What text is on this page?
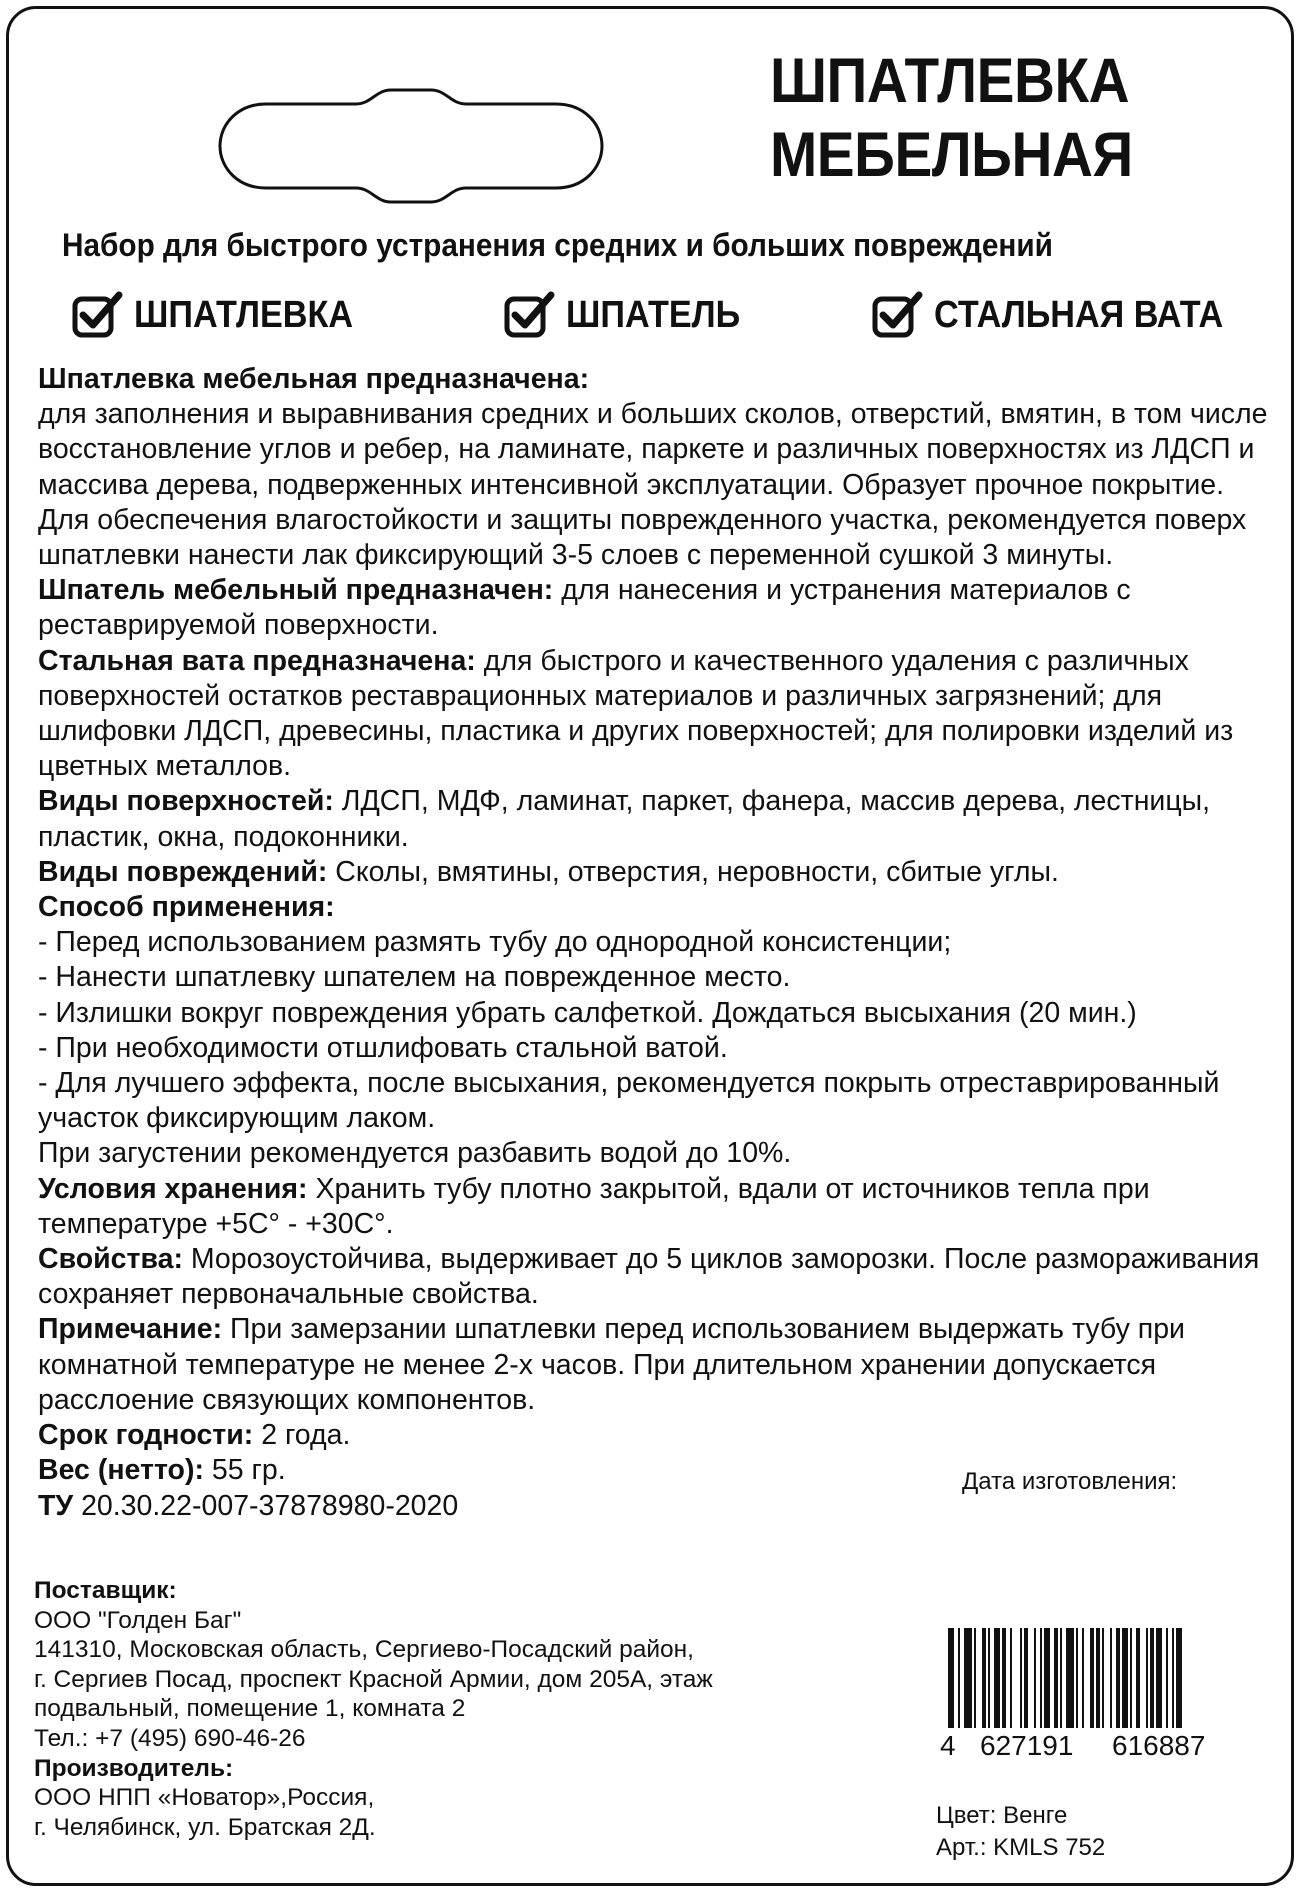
ШПАТЛЕВКА
МЕБЕЛЬНАЯ
Набор для быстрого устранения средних и больших повреждений
ШПАТЛЕВКА	ШПАТЕЛЬ	СТАЛЬНАЯ ВАТА

Шпатлевка мебельная предназначена:
для заполнения и выравнивания средних и больших сколов, отверстий, вмятин, в том числе восстановление углов и ребер, на ламинате, паркете и различных поверхностях из ЛДСП и массива дерева, подверженных интенсивной эксплуатации. Образует прочное покрытие. Для обеспечения влагостойкости и защиты поврежденного участка, рекомендуется поверх шпатлевки нанести лак фиксирующий 3-5 слоев с переменной сушкой 3 минуты.

Шпатель мебельный предназначен: для нанесения и устранения материалов с реставрируемой поверхности.

Стальная вата предназначена: для быстрого и качественного удаления с различных поверхностей остатков реставрационных материалов и различных загрязнений; для шлифовки ЛДСП, древесины, пластика и других поверхностей; для полировки изделий из цветных металлов.

Виды поверхностей: ЛДСП, МДФ, ламинат, паркет, фанера, массив дерева, лестницы, пластик, окна, подоконники.

Виды повреждений: Сколы, вмятины, отверстия, неровности, сбитые углы.

Способ применения:

- Перед использованием размять тубу до однородной консистенции;

- Нанести шпатлевку шпателем на поврежденное место.

- Излишки вокруг повреждения убрать салфеткой. Дождаться высыхания (20 мин.)

- При необходимости отшлифовать стальной ватой.

- Для лучшего эффекта, после высыхания, рекомендуется покрыть отреставрированный участок фиксирующим лаком.

При загустении рекомендуется разбавить водой до 10%.

Условия хранения: Хранить тубу плотно закрытой, вдали от источников тепла при температуре +5С° - +30С°.

Свойства: Морозоустойчива, выдерживает до 5 циклов заморозки. После размораживания сохраняет первоначальные свойства.

Примечание: При замерзании шпатлевки перед использованием выдержать тубу при комнатной температуре не менее 2-х часов. При длительном хранении допускается расслоение связующих компонентов.

Срок годности: 2 года.

Вес (нетто): 55 гр.

ТУ 20.30.22-007-37878980-2020

Дата изготовления:

Поставщик:

ООО "Голден Баг"

141310, Московская область, Сергиево-Посадский район,

г. Сергиев Посад, проспект Красной Армии, дом 205А, этаж

подвальный, помещение 1, комната 2

Тел.: +7 (495) 690-46-26

Производитель:

ООО НПП «Новатор»,Россия,

г. Челябинск, ул. Братская 2Д.

4 627191 616887

Цвет: Венге

Арт.: KMLS 752
